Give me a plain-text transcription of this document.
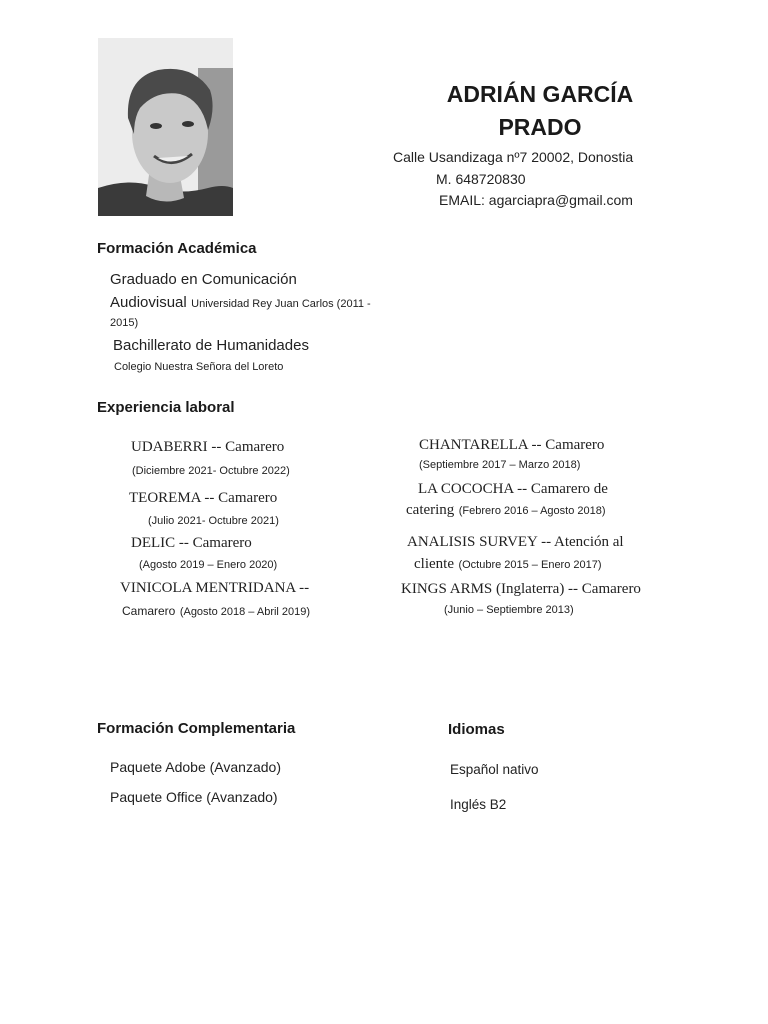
ADRIÁN GARCÍA
PRADO
Calle Usandizaga nº7 20002, Donostia
M. 648720830
EMAIL: agarciapra@gmail.com
Formación Académica
Graduado en Comunicación
Audiovisual Universidad Rey Juan Carlos (2011 -
2015)
Bachillerato de Humanidades
Colegio Nuestra Señora del Loreto
Experiencia laboral
UDABERRI -- Camarero
(Diciembre 2021- Octubre 2022)
TEOREMA -- Camarero
(Julio 2021- Octubre 2021)
DELIC -- Camarero
(Agosto 2019 – Enero 2020)
VINICOLA MENTRIDANA --
Camarero (Agosto 2018 – Abril 2019)
CHANTARELLA -- Camarero
(Septiembre 2017 – Marzo 2018)
LA COCOCHA -- Camarero de
catering (Febrero 2016 – Agosto 2018)
ANALISIS SURVEY -- Atención al
cliente (Octubre 2015 – Enero 2017)
KINGS ARMS (Inglaterra) -- Camarero
(Junio – Septiembre 2013)
Formación Complementaria
Paquete Adobe (Avanzado)
Paquete Office (Avanzado)
Idiomas
Español nativo
Inglés B2
